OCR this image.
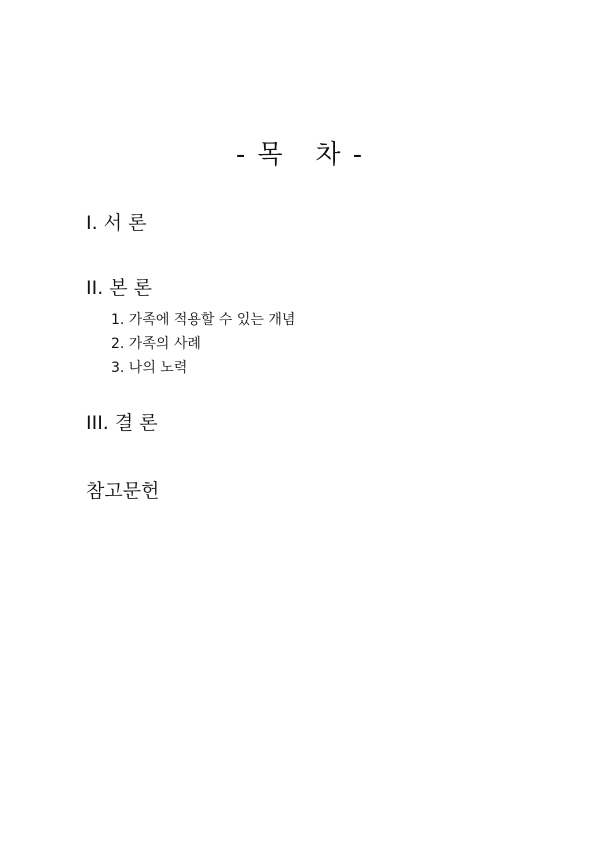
- 목   차 -
I. 서 론
II. 본 론
1. 가족에 적용할 수 있는 개념
2. 가족의 사례
3. 나의 노력
III. 결 론
참고문헌
